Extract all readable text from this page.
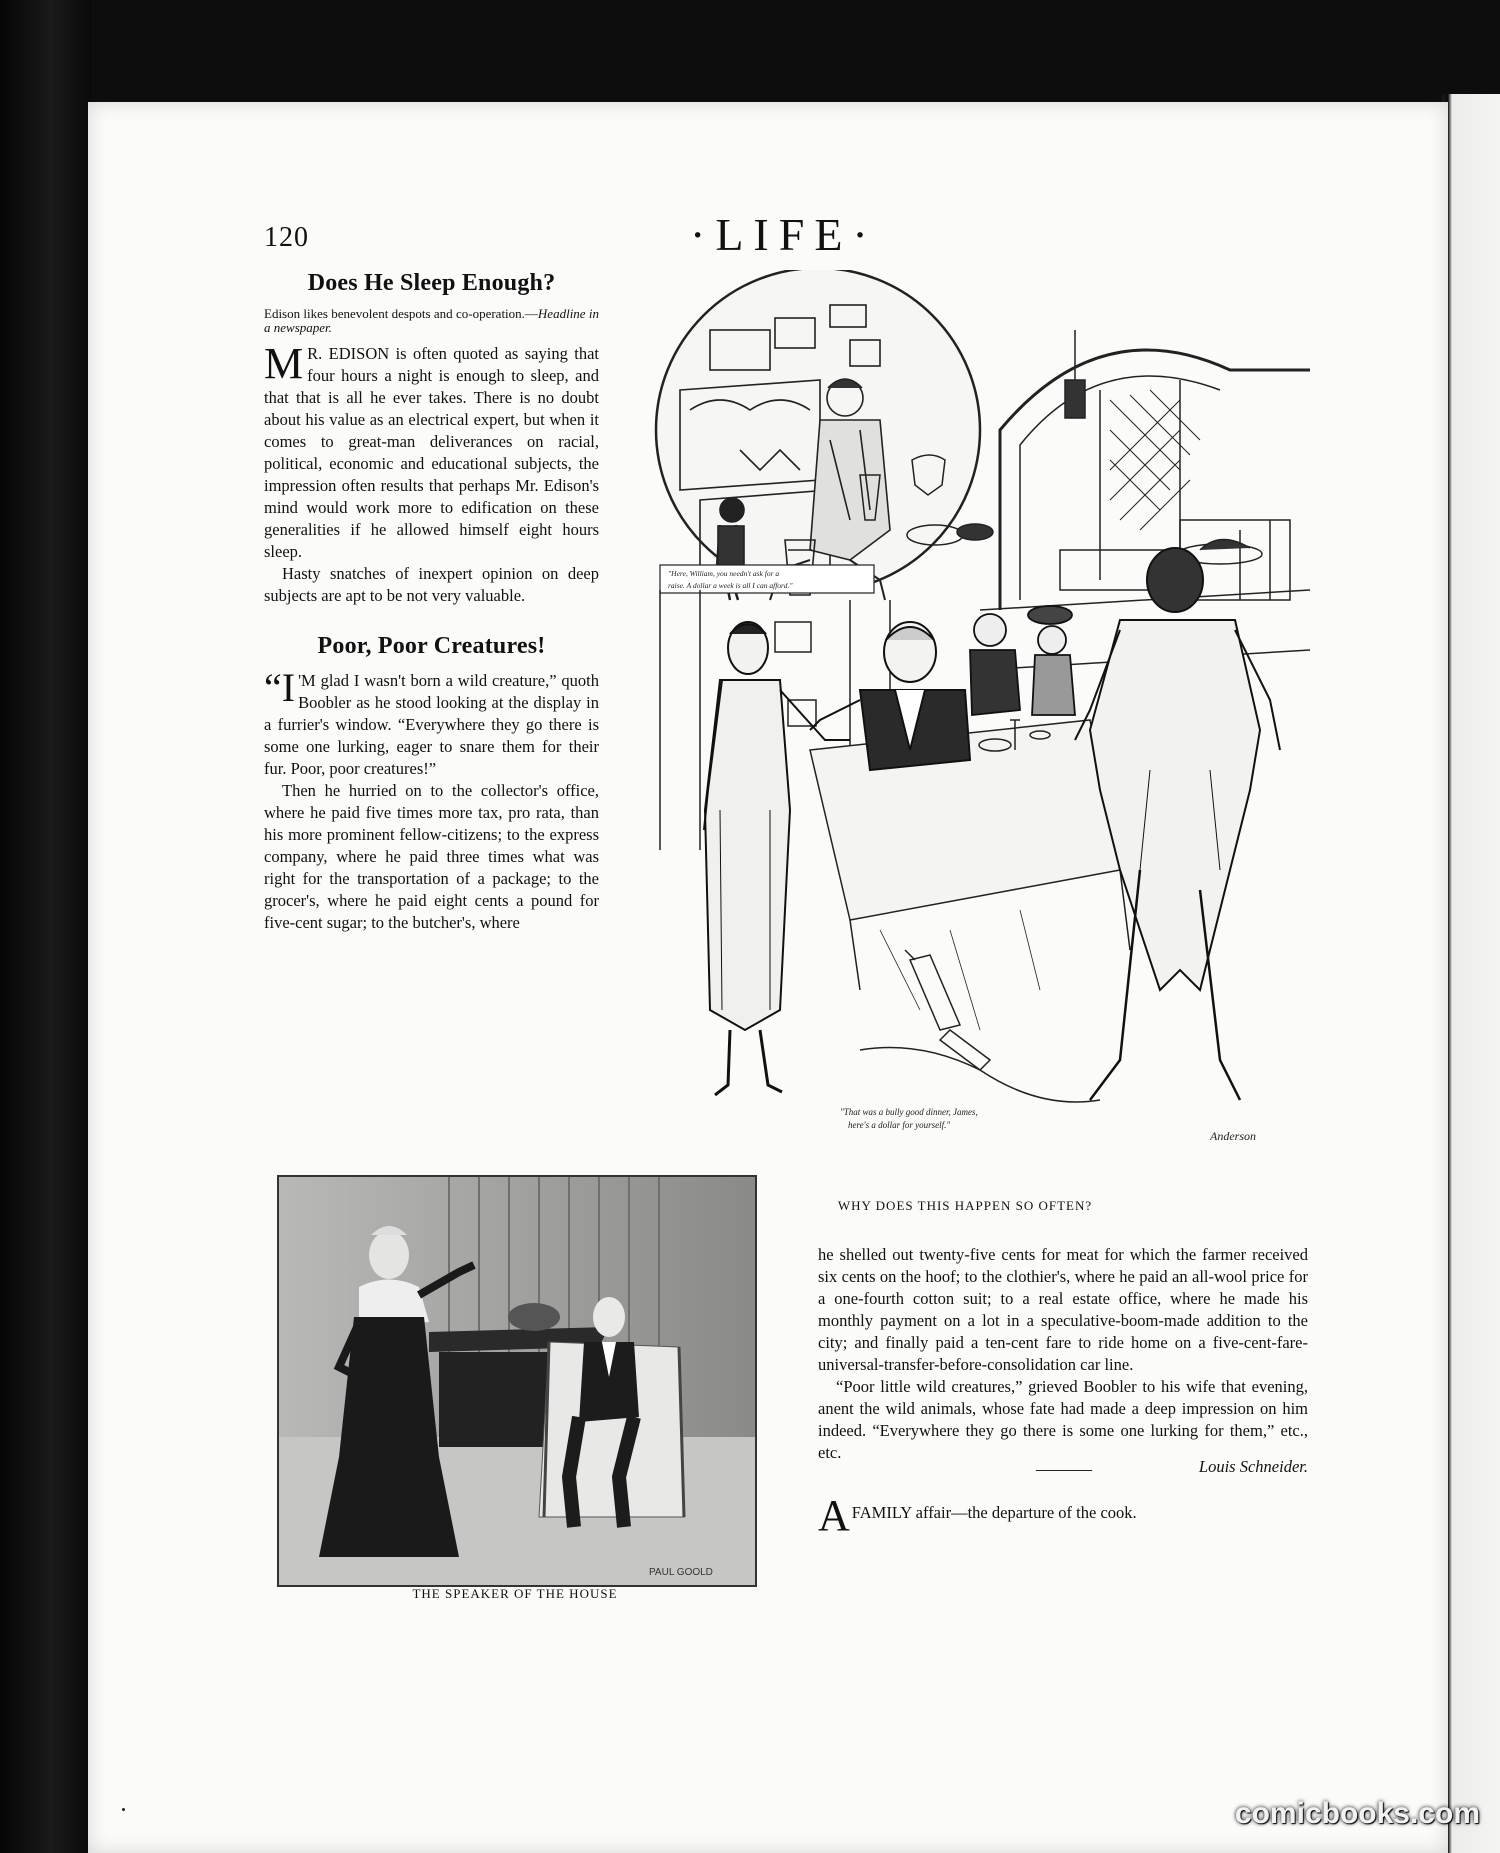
120	·LIFE·
Does He Sleep Enough?

Edison likes benevolent despots and co-operation.—Headline in a newspaper.

M R. EDISON is often quoted as saying that four hours a night is enough to sleep, and that that is all he ever takes. There is no doubt about his value as an electrical expert, but when it comes to great-man deliverances on racial, political, economic and educational subjects, the impression often results that perhaps Mr. Edison's mind would work more to edification on these generalities if he allowed himself eight hours sleep.

Hasty snatches of inexpert opinion on deep subjects are apt to be not very valuable.

Poor, Poor Creatures!

“I 'M glad I wasn't born a wild creature,” quoth Boobler as he stood looking at the display in a furrier's window. “Everywhere they go there is some one lurking, eager to snare them for their fur. Poor, poor creatures!”

Then he hurried on to the collector's office, where he paid five times more tax, pro rata, than his more prominent fellow-citizens; to the express company, where he paid three times what was right for the transportation of a package; to the grocer's, where he paid eight cents a pound for five-cent sugar; to the butcher's, where

"Here, William, you needn't ask for a
raise. A dollar a week is all I can afford."
"That was a bully good dinner, James,
here's a dollar for yourself."
Anderson
WHY DOES THIS HAPPEN SO OFTEN?
PAUL GOOLD
THE SPEAKER OF THE HOUSE

he shelled out twenty-five cents for meat for which the farmer received six cents on the hoof; to the clothier's, where he paid an all-wool price for a one-fourth cotton suit; to a real estate office, where he made his monthly payment on a lot in a speculative-boom-made addition to the city; and finally paid a ten-cent fare to ride home on a five-cent-fare-universal-transfer-before-consolidation car line.

“Poor little wild creatures,” grieved Boobler to his wife that evening, anent the wild animals, whose fate had made a deep impression on him indeed. “Everywhere they go there is some one lurking for them,” etc., etc.

Louis Schneider.

AFAMILY affair—the departure of the cook.

comicbooks.com
